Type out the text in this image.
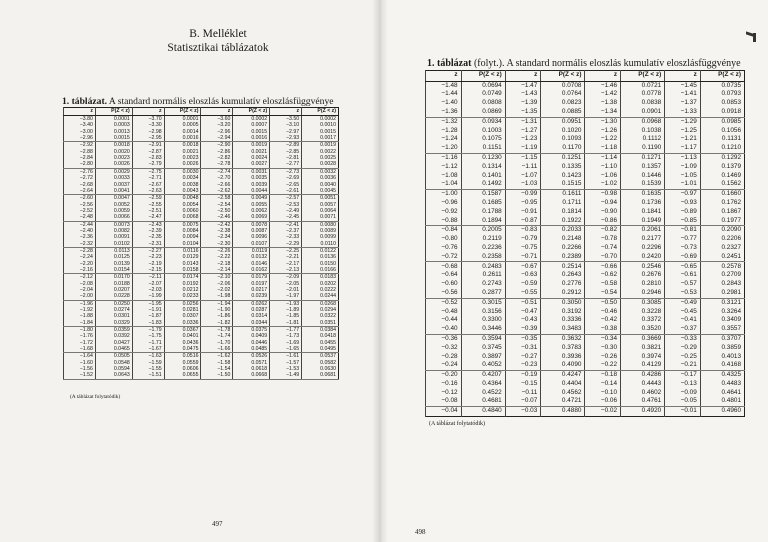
B. Melléklet
Statisztikai táblázatok
1. táblázat. A standard normális eloszlás kumulatív eloszlásfüggvénye
z	P(Z < z)	z	P(Z < z)	z	P(Z < z)	z	P(Z < z)
−3.80	0.0001	−3.70	0.0001	−3.60	0.0002	−3.50	0.0002
−3.40	0.0003	−3.30	0.0005	−3.20	0.0007	−3.10	0.0010
−3.00	0.0013	−2.98	0.0014	−2.96	0.0015	−2.97	0.0015
−2.96	0.0015	−2.95	0.0016	−2.94	0.0016	−2.93	0.0017
−2.92	0.0018	−2.91	0.0018	−2.90	0.0019	−2.89	0.0019
−2.88	0.0020	−2.87	0.0021	−2.86	0.0021	−2.85	0.0022
−2.84	0.0023	−2.83	0.0023	−2.82	0.0024	−2.81	0.0025
−2.80	0.0026	−2.79	0.0026	−2.78	0.0027	−2.77	0.0028
−2.76	0.0029	−2.75	0.0030	−2.74	0.0031	−2.73	0.0032
−2.72	0.0033	−2.71	0.0034	−2.70	0.0035	−2.69	0.0036
−2.68	0.0037	−2.67	0.0038	−2.66	0.0039	−2.65	0.0040
−2.64	0.0041	−2.63	0.0043	−2.62	0.0044	−2.61	0.0045
−2.60	0.0047	−2.59	0.0048	−2.58	0.0049	−2.57	0.0051
−2.56	0.0052	−2.55	0.0054	−2.54	0.0055	−2.53	0.0057
−2.52	0.0059	−2.51	0.0060	−2.50	0.0062	−2.49	0.0064
−2.48	0.0066	−2.47	0.0068	−2.46	0.0069	−2.45	0.0071
−2.44	0.0073	−2.43	0.0075	−2.42	0.0078	−2.41	0.0080
−2.40	0.0082	−2.39	0.0084	−2.38	0.0087	−2.37	0.0089
−2.36	0.0091	−2.35	0.0094	−2.34	0.0096	−2.33	0.0099
−2.32	0.0102	−2.31	0.0104	−2.30	0.0107	−2.29	0.0110
−2.28	0.0113	−2.27	0.0116	−2.26	0.0119	−2.25	0.0122
−2.24	0.0125	−2.23	0.0129	−2.22	0.0132	−2.21	0.0136
−2.20	0.0139	−2.19	0.0143	−2.18	0.0146	−2.17	0.0150
−2.16	0.0154	−2.15	0.0158	−2.14	0.0162	−2.13	0.0166
−2.12	0.0170	−2.11	0.0174	−2.10	0.0179	−2.09	0.0183
−2.08	0.0188	−2.07	0.0192	−2.06	0.0197	−2.05	0.0202
−2.04	0.0207	−2.03	0.0212	−2.02	0.0217	−2.01	0.0222
−2.00	0.0228	−1.99	0.0233	−1.98	0.0239	−1.97	0.0244
−1.96	0.0250	−1.95	0.0256	−1.94	0.0262	−1.93	0.0268
−1.92	0.0274	−1.91	0.0281	−1.90	0.0287	−1.89	0.0294
−1.88	0.0301	−1.87	0.0307	−1.86	0.0314	−1.85	0.0322
−1.84	0.0329	−1.83	0.0336	−1.82	0.0344	−1.81	0.0351
−1.80	0.0359	−1.79	0.0367	−1.78	0.0375	−1.77	0.0384
−1.76	0.0392	−1.75	0.0401	−1.74	0.0409	−1.73	0.0418
−1.72	0.0427	−1.71	0.0436	−1.70	0.0446	−1.69	0.0455
−1.68	0.0465	−1.67	0.0475	−1.66	0.0485	−1.65	0.0495
−1.64	0.0505	−1.63	0.0516	−1.62	0.0526	−1.61	0.0537
−1.60	0.0548	−1.59	0.0559	−1.58	0.0571	−1.57	0.0582
−1.56	0.0594	−1.55	0.0606	−1.54	0.0618	−1.53	0.0630
−1.52	0.0643	−1.51	0.0655	−1.50	0.0668	−1.49	0.0681
(A táblázat folytatódik)
497
1. táblázat (folyt.). A standard normális eloszlás kumulatív eloszlásfüggvénye
z	P(Z < z)	z	P(Z < z)	z	P(Z < z)	z	P(Z < z)
−1.48	0.0694	−1.47	0.0708	−1.46	0.0721	−1.45	0.0735
−1.44	0.0749	−1.43	0.0764	−1.42	0.0778	−1.41	0.0793
−1.40	0.0808	−1.39	0.0823	−1.38	0.0838	−1.37	0.0853
−1.36	0.0869	−1.35	0.0885	−1.34	0.0901	−1.33	0.0918
−1.32	0.0934	−1.31	0.0951	−1.30	0.0968	−1.29	0.0985
−1.28	0.1003	−1.27	0.1020	−1.26	0.1038	−1.25	0.1056
−1.24	0.1075	−1.23	0.1093	−1.22	0.1112	−1.21	0.1131
−1.20	0.1151	−1.19	0.1170	−1.18	0.1190	−1.17	0.1210
−1.16	0.1230	−1.15	0.1251	−1.14	0.1271	−1.13	0.1292
−1.12	0.1314	−1.11	0.1335	−1.10	0.1357	−1.09	0.1379
−1.08	0.1401	−1.07	0.1423	−1.06	0.1446	−1.05	0.1469
−1.04	0.1492	−1.03	0.1515	−1.02	0.1539	−1.01	0.1562
−1.00	0.1587	−0.99	0.1611	−0.98	0.1635	−0.97	0.1660
−0.96	0.1685	−0.95	0.1711	−0.94	0.1736	−0.93	0.1762
−0.92	0.1788	−0.91	0.1814	−0.90	0.1841	−0.89	0.1867
−0.88	0.1894	−0.87	0.1922	−0.86	0.1949	−0.85	0.1977
−0.84	0.2005	−0.83	0.2033	−0.82	0.2061	−0.81	0.2090
−0.80	0.2119	−0.79	0.2148	−0.78	0.2177	−0.77	0.2206
−0.76	0.2236	−0.75	0.2266	−0.74	0.2296	−0.73	0.2327
−0.72	0.2358	−0.71	0.2389	−0.70	0.2420	−0.69	0.2451
−0.68	0.2483	−0.67	0.2514	−0.66	0.2546	−0.65	0.2578
−0.64	0.2611	−0.63	0.2643	−0.62	0.2676	−0.61	0.2709
−0.60	0.2743	−0.59	0.2776	−0.58	0.2810	−0.57	0.2843
−0.56	0.2877	−0.55	0.2912	−0.54	0.2946	−0.53	0.2981
−0.52	0.3015	−0.51	0.3050	−0.50	0.3085	−0.49	0.3121
−0.48	0.3156	−0.47	0.3192	−0.46	0.3228	−0.45	0.3264
−0.44	0.3300	−0.43	0.3336	−0.42	0.3372	−0.41	0.3409
−0.40	0.3446	−0.39	0.3483	−0.38	0.3520	−0.37	0.3557
−0.36	0.3594	−0.35	0.3632	−0.34	0.3669	−0.33	0.3707
−0.32	0.3745	−0.31	0.3783	−0.30	0.3821	−0.29	0.3859
−0.28	0.3897	−0.27	0.3936	−0.26	0.3974	−0.25	0.4013
−0.24	0.4052	−0.23	0.4090	−0.22	0.4129	−0.21	0.4168
−0.20	0.4207	−0.19	0.4247	−0.18	0.4286	−0.17	0.4325
−0.16	0.4364	−0.15	0.4404	−0.14	0.4443	−0.13	0.4483
−0.12	0.4522	−0.11	0.4562	−0.10	0.4602	−0.09	0.4641
−0.08	0.4681	−0.07	0.4721	−0.06	0.4761	−0.05	0.4801
−0.04	0.4840	−0.03	0.4880	−0.02	0.4920	−0.01	0.4960
(A táblázat folytatódik)
498
